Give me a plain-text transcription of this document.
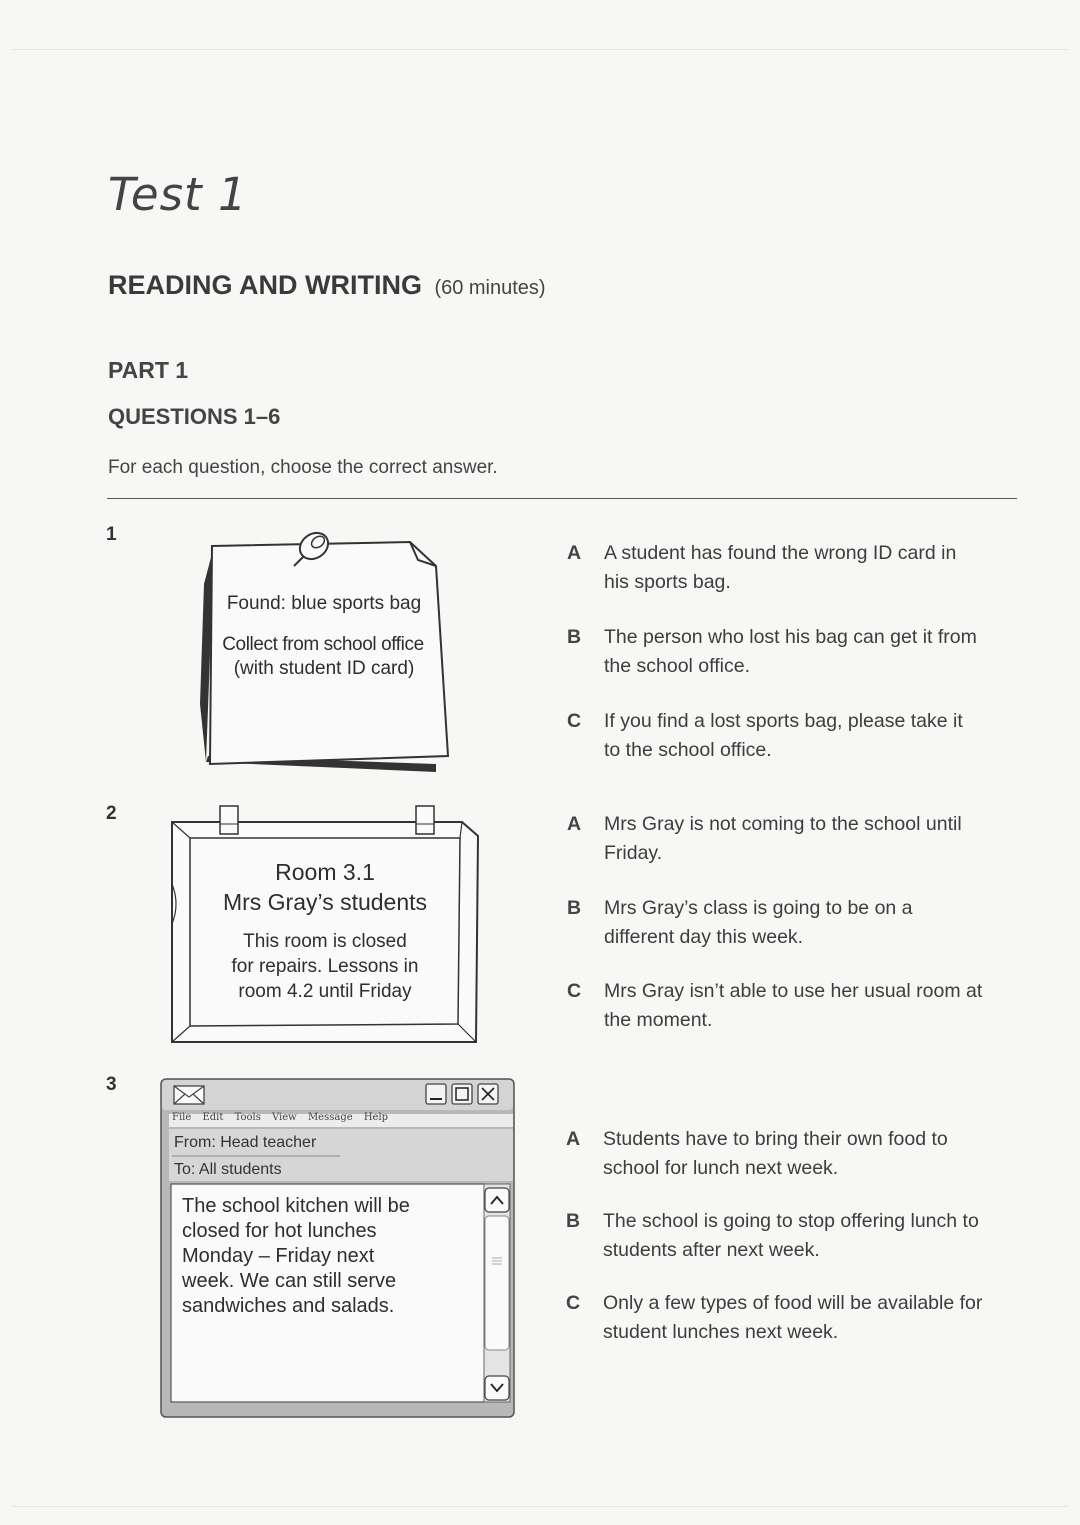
Test 1
READING AND WRITING (60 minutes)
PART 1
QUESTIONS 1–6
For each question, choose the correct answer.
1
Found: blue sports bag
Collect from school office
(with student ID card)
A A student has found the wrong ID card in his sports bag.
B The person who lost his bag can get it from the school office.
C If you find a lost sports bag, please take it to the school office.
2
Room 3.1
Mrs Gray’s students
This room is closed
for repairs. Lessons in
room 4.2 until Friday
A Mrs Gray is not coming to the school until Friday.
B Mrs Gray’s class is going to be on a different day this week.
C Mrs Gray isn’t able to use her usual room at the moment.
3
File Edit Tools View Message Help
From: Head teacher
To: All students
The school kitchen will be
closed for hot lunches
Monday – Friday next
week. We can still serve
sandwiches and salads.
A Students have to bring their own food to school for lunch next week.
B The school is going to stop offering lunch to students after next week.
C Only a few types of food will be available for student lunches next week.
